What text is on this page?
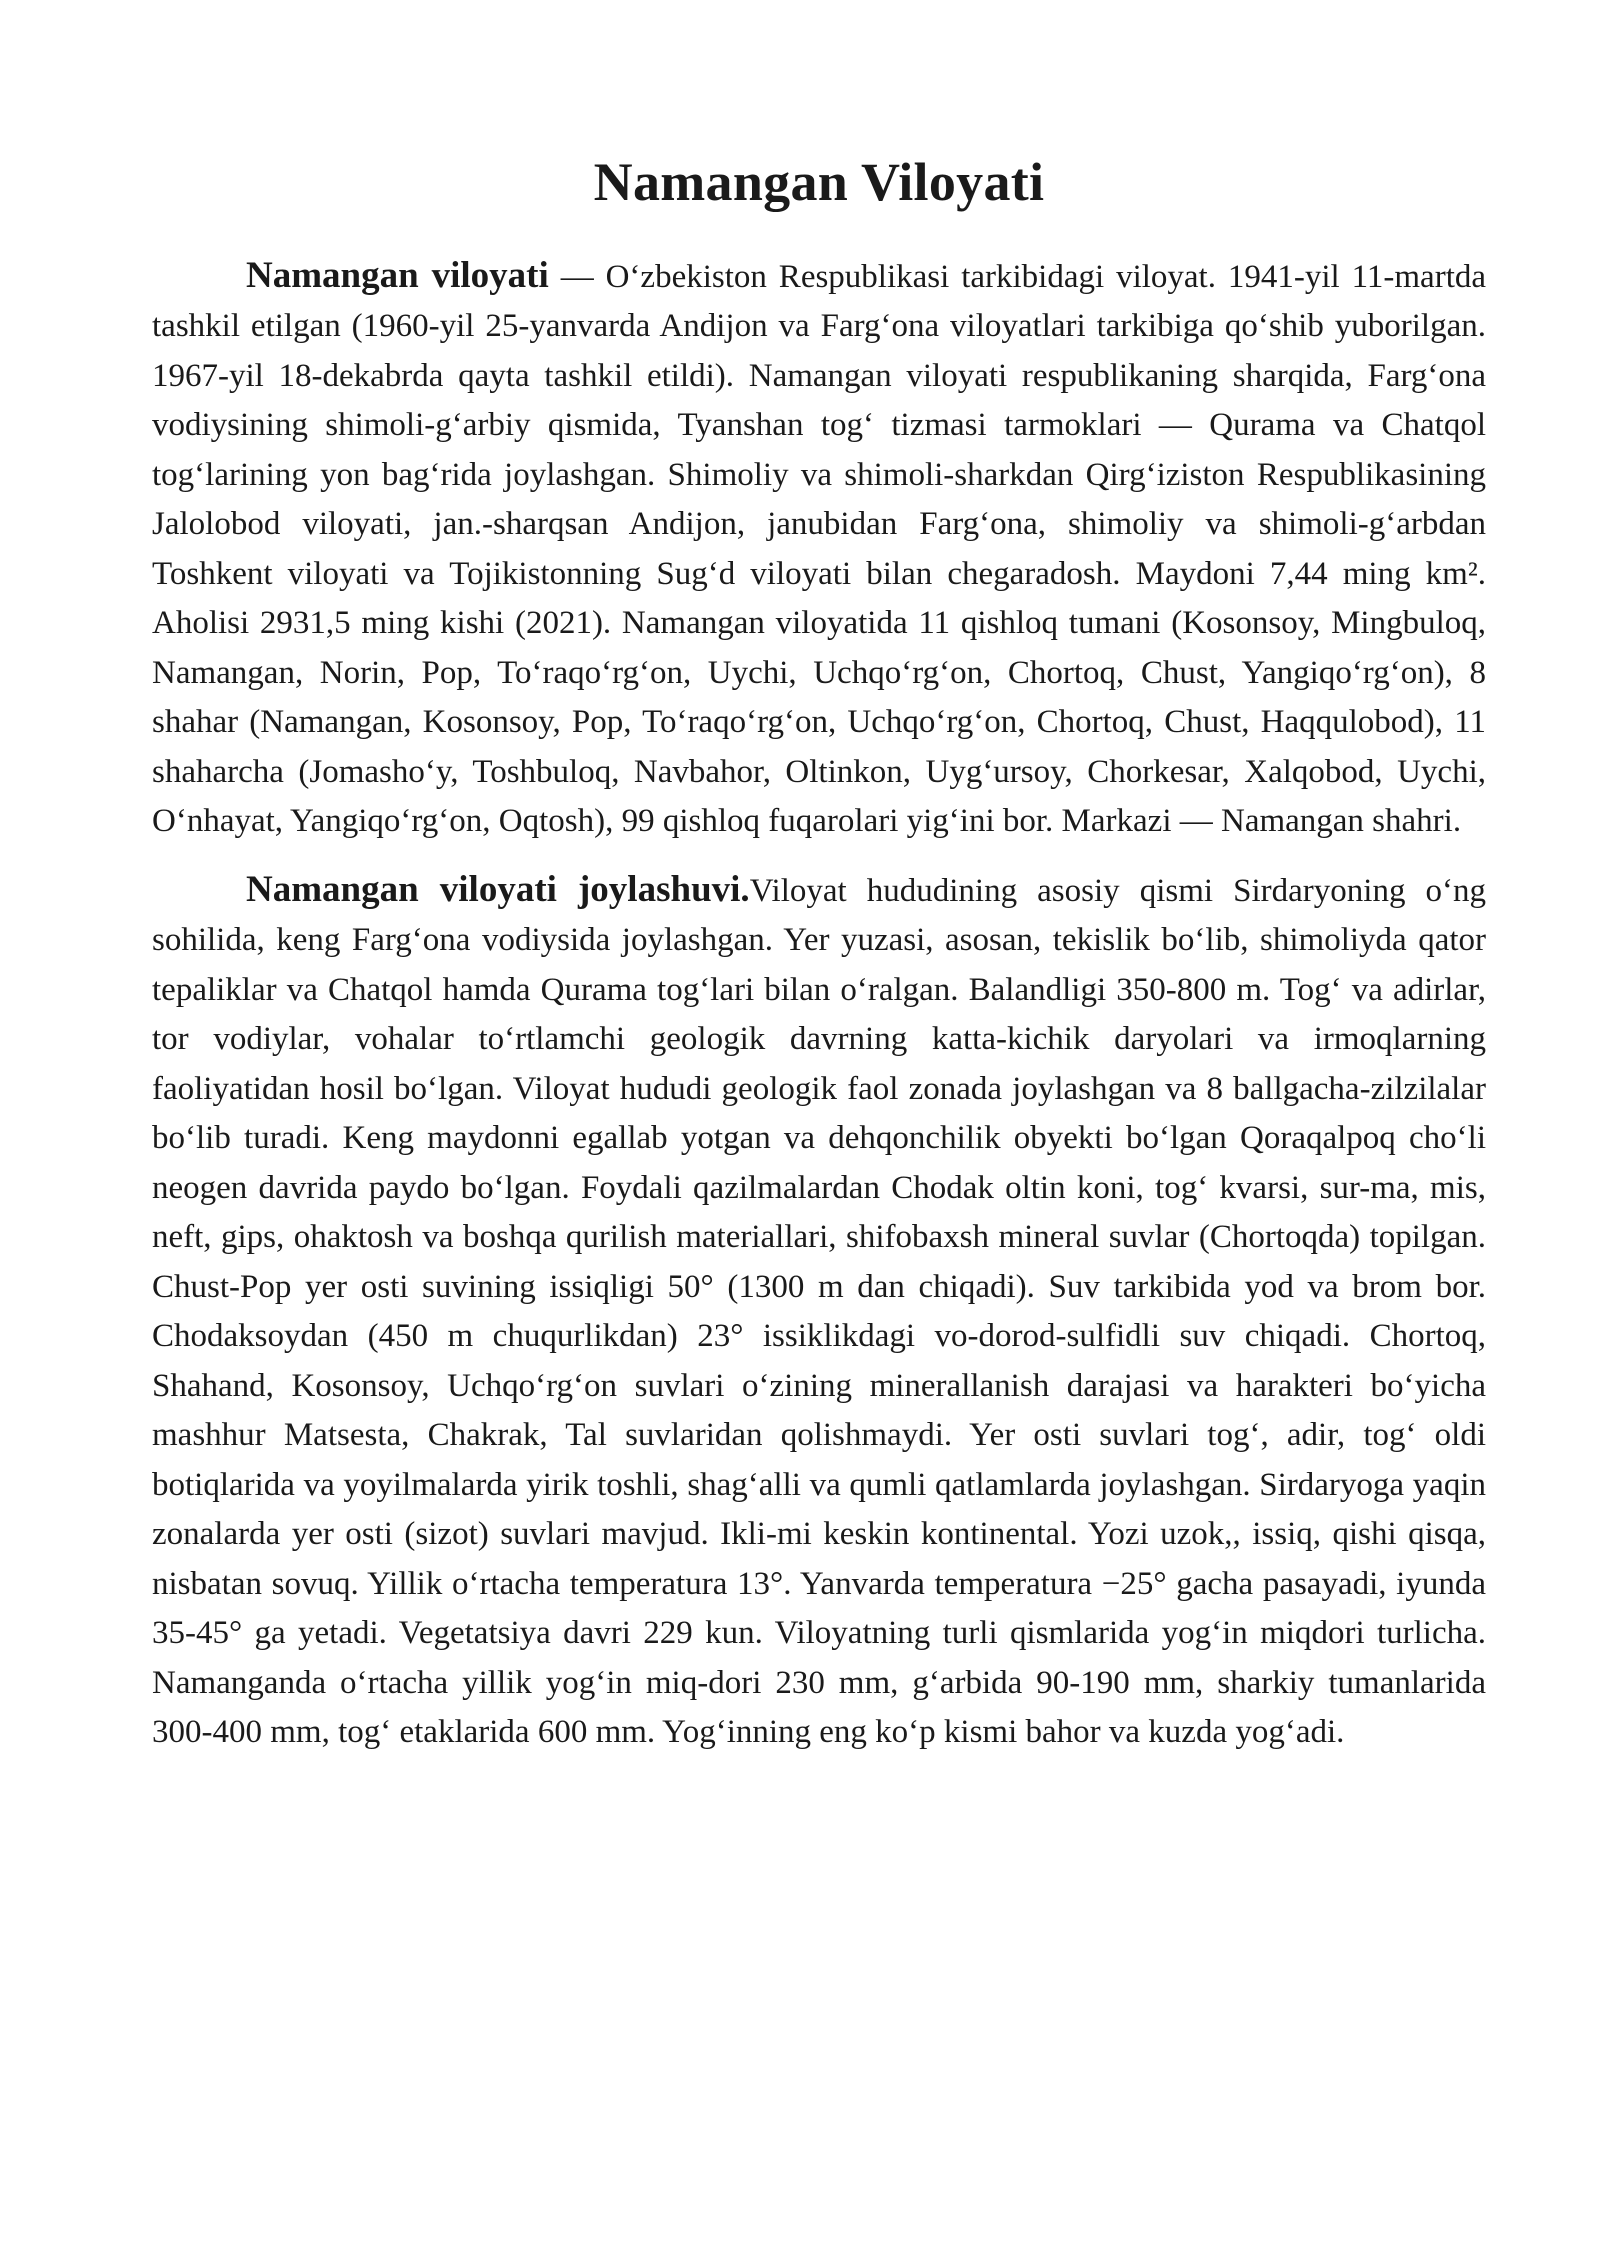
Namangan Viloyati

Namangan viloyati — O‘zbekiston Respublikasi tarkibidagi viloyat. 1941-yil 11-martda tashkil etilgan (1960-yil 25-yanvarda Andijon va Farg‘ona viloyatlari tarkibiga qo‘shib yuborilgan. 1967-yil 18-dekabrda qayta tashkil etildi). Namangan viloyati respublikaning sharqida, Farg‘ona vodiysining shimoli-g‘arbiy qismida, Tyanshan tog‘ tizmasi tarmoklari — Qurama va Chatqol tog‘larining yon bag‘rida joylashgan. Shimoliy va shimoli-sharkdan Qirg‘iziston Respublikasining Jalolobod viloyati, jan.-sharqsan Andijon, janubidan Farg‘ona, shimoliy va shimoli-g‘arbdan Toshkent viloyati va Tojikistonning Sug‘d viloyati bilan chegaradosh. Maydoni 7,44 ming km². Aholisi 2931,5 ming kishi (2021). Namangan viloyatida 11 qishloq tumani (Kosonsoy, Mingbuloq, Namangan, Norin, Pop, To‘raqo‘rg‘on, Uychi, Uchqo‘rg‘on, Chortoq, Chust, Yangiqo‘rg‘on), 8 shahar (Namangan, Kosonsoy, Pop, To‘raqo‘rg‘on, Uchqo‘rg‘on, Chortoq, Chust, Haqqulobod), 11 shaharcha (Jomasho‘y, Toshbuloq, Navbahor, Oltinkon, Uyg‘ursoy, Chorkesar, Xalqobod, Uychi, O‘nhayat, Yangiqo‘rg‘on, Oqtosh), 99 qishloq fuqarolari yig‘ini bor. Markazi — Namangan shahri.

Namangan viloyati joylashuvi.Viloyat hududining asosiy qismi Sirdaryoning o‘ng sohilida, keng Farg‘ona vodiysida joylashgan. Yer yuzasi, asosan, tekislik bo‘lib, shimoliyda qator tepaliklar va Chatqol hamda Qurama tog‘lari bilan o‘ralgan. Balandligi 350-800 m. Tog‘ va adirlar, tor vodiylar, vohalar to‘rtlamchi geologik davrning katta-kichik daryolari va irmoqlarning faoliyatidan hosil bo‘lgan. Viloyat hududi geologik faol zonada joylashgan va 8 ballgacha-zilzilalar bo‘lib turadi. Keng maydonni egallab yotgan va dehqonchilik obyekti bo‘lgan Qoraqalpoq cho‘li neogen davrida paydo bo‘lgan. Foydali qazilmalardan Chodak oltin koni, tog‘ kvarsi, sur-ma, mis, neft, gips, ohaktosh va boshqa qurilish materiallari, shifobaxsh mineral suvlar (Chortoqda) topilgan. Chust-Pop yer osti suvining issiqligi 50° (1300 m dan chiqadi). Suv tarkibida yod va brom bor. Chodaksoydan (450 m chuqurlikdan) 23° issiklikdagi vo-dorod-sulfidli suv chiqadi. Chortoq, Shahand, Kosonsoy, Uchqo‘rg‘on suvlari o‘zining minerallanish darajasi va harakteri bo‘yicha mashhur Matsesta, Chakrak, Tal suvlaridan qolishmaydi. Yer osti suvlari tog‘, adir, tog‘ oldi botiqlarida va yoyilmalarda yirik toshli, shag‘alli va qumli qatlamlarda joylashgan. Sirdaryoga yaqin zonalarda yer osti (sizot) suvlari mavjud. Ikli-mi keskin kontinental. Yozi uzok,, issiq, qishi qisqa, nisbatan sovuq. Yillik o‘rtacha temperatura 13°. Yanvarda temperatura −25° gacha pasayadi, iyunda 35-45° ga yetadi. Vegetatsiya davri 229 kun. Viloyatning turli qismlarida yog‘in miqdori turlicha. Namanganda o‘rtacha yillik yog‘in miq-dori 230 mm, g‘arbida 90-190 mm, sharkiy tumanlarida 300-400 mm, tog‘ etaklarida 600 mm. Yog‘inning eng ko‘p kismi bahor va kuzda yog‘adi.
